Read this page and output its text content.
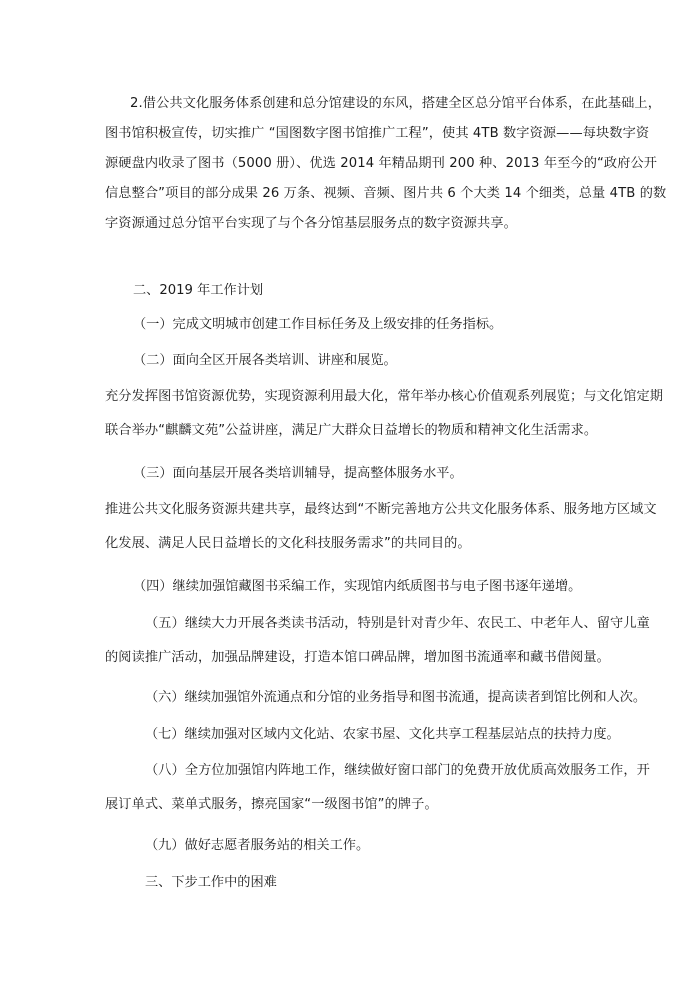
2.借公共文化服务体系创建和总分馆建设的东风，搭建全区总分馆平台体系，在此基础上，
图书馆积极宣传，切实推广 “国图数字图书馆推广工程”，使其 4TB 数字资源——每块数字资
源硬盘内收录了图书（5000 册）、优选 2014 年精品期刊 200 种、2013 年至今的“政府公开
信息整合”项目的部分成果 26 万条、视频、音频、图片共 6 个大类 14 个细类，总量 4TB 的数
字资源通过总分馆平台实现了与个各分馆基层服务点的数字资源共享。
二、2019 年工作计划
（一）完成文明城市创建工作目标任务及上级安排的任务指标。
（二）面向全区开展各类培训、讲座和展览。
充分发挥图书馆资源优势，实现资源利用最大化，常年举办核心价值观系列展览；与文化馆定期
联合举办“麒麟文苑”公益讲座，满足广大群众日益增长的物质和精神文化生活需求。
（三）面向基层开展各类培训辅导，提高整体服务水平。
推进公共文化服务资源共建共享，最终达到“不断完善地方公共文化服务体系、服务地方区域文
化发展、满足人民日益增长的文化科技服务需求”的共同目的。
（四）继续加强馆藏图书采编工作，实现馆内纸质图书与电子图书逐年递增。
（五）继续大力开展各类读书活动，特别是针对青少年、农民工、中老年人、留守儿童
的阅读推广活动，加强品牌建设，打造本馆口碑品牌，增加图书流通率和藏书借阅量。
（六）继续加强馆外流通点和分馆的业务指导和图书流通，提高读者到馆比例和人次。
（七）继续加强对区域内文化站、农家书屋、文化共享工程基层站点的扶持力度。
（八）全方位加强馆内阵地工作，继续做好窗口部门的免费开放优质高效服务工作，开
展订单式、菜单式服务，擦亮国家“一级图书馆”的牌子。
（九）做好志愿者服务站的相关工作。
三、下步工作中的困难
